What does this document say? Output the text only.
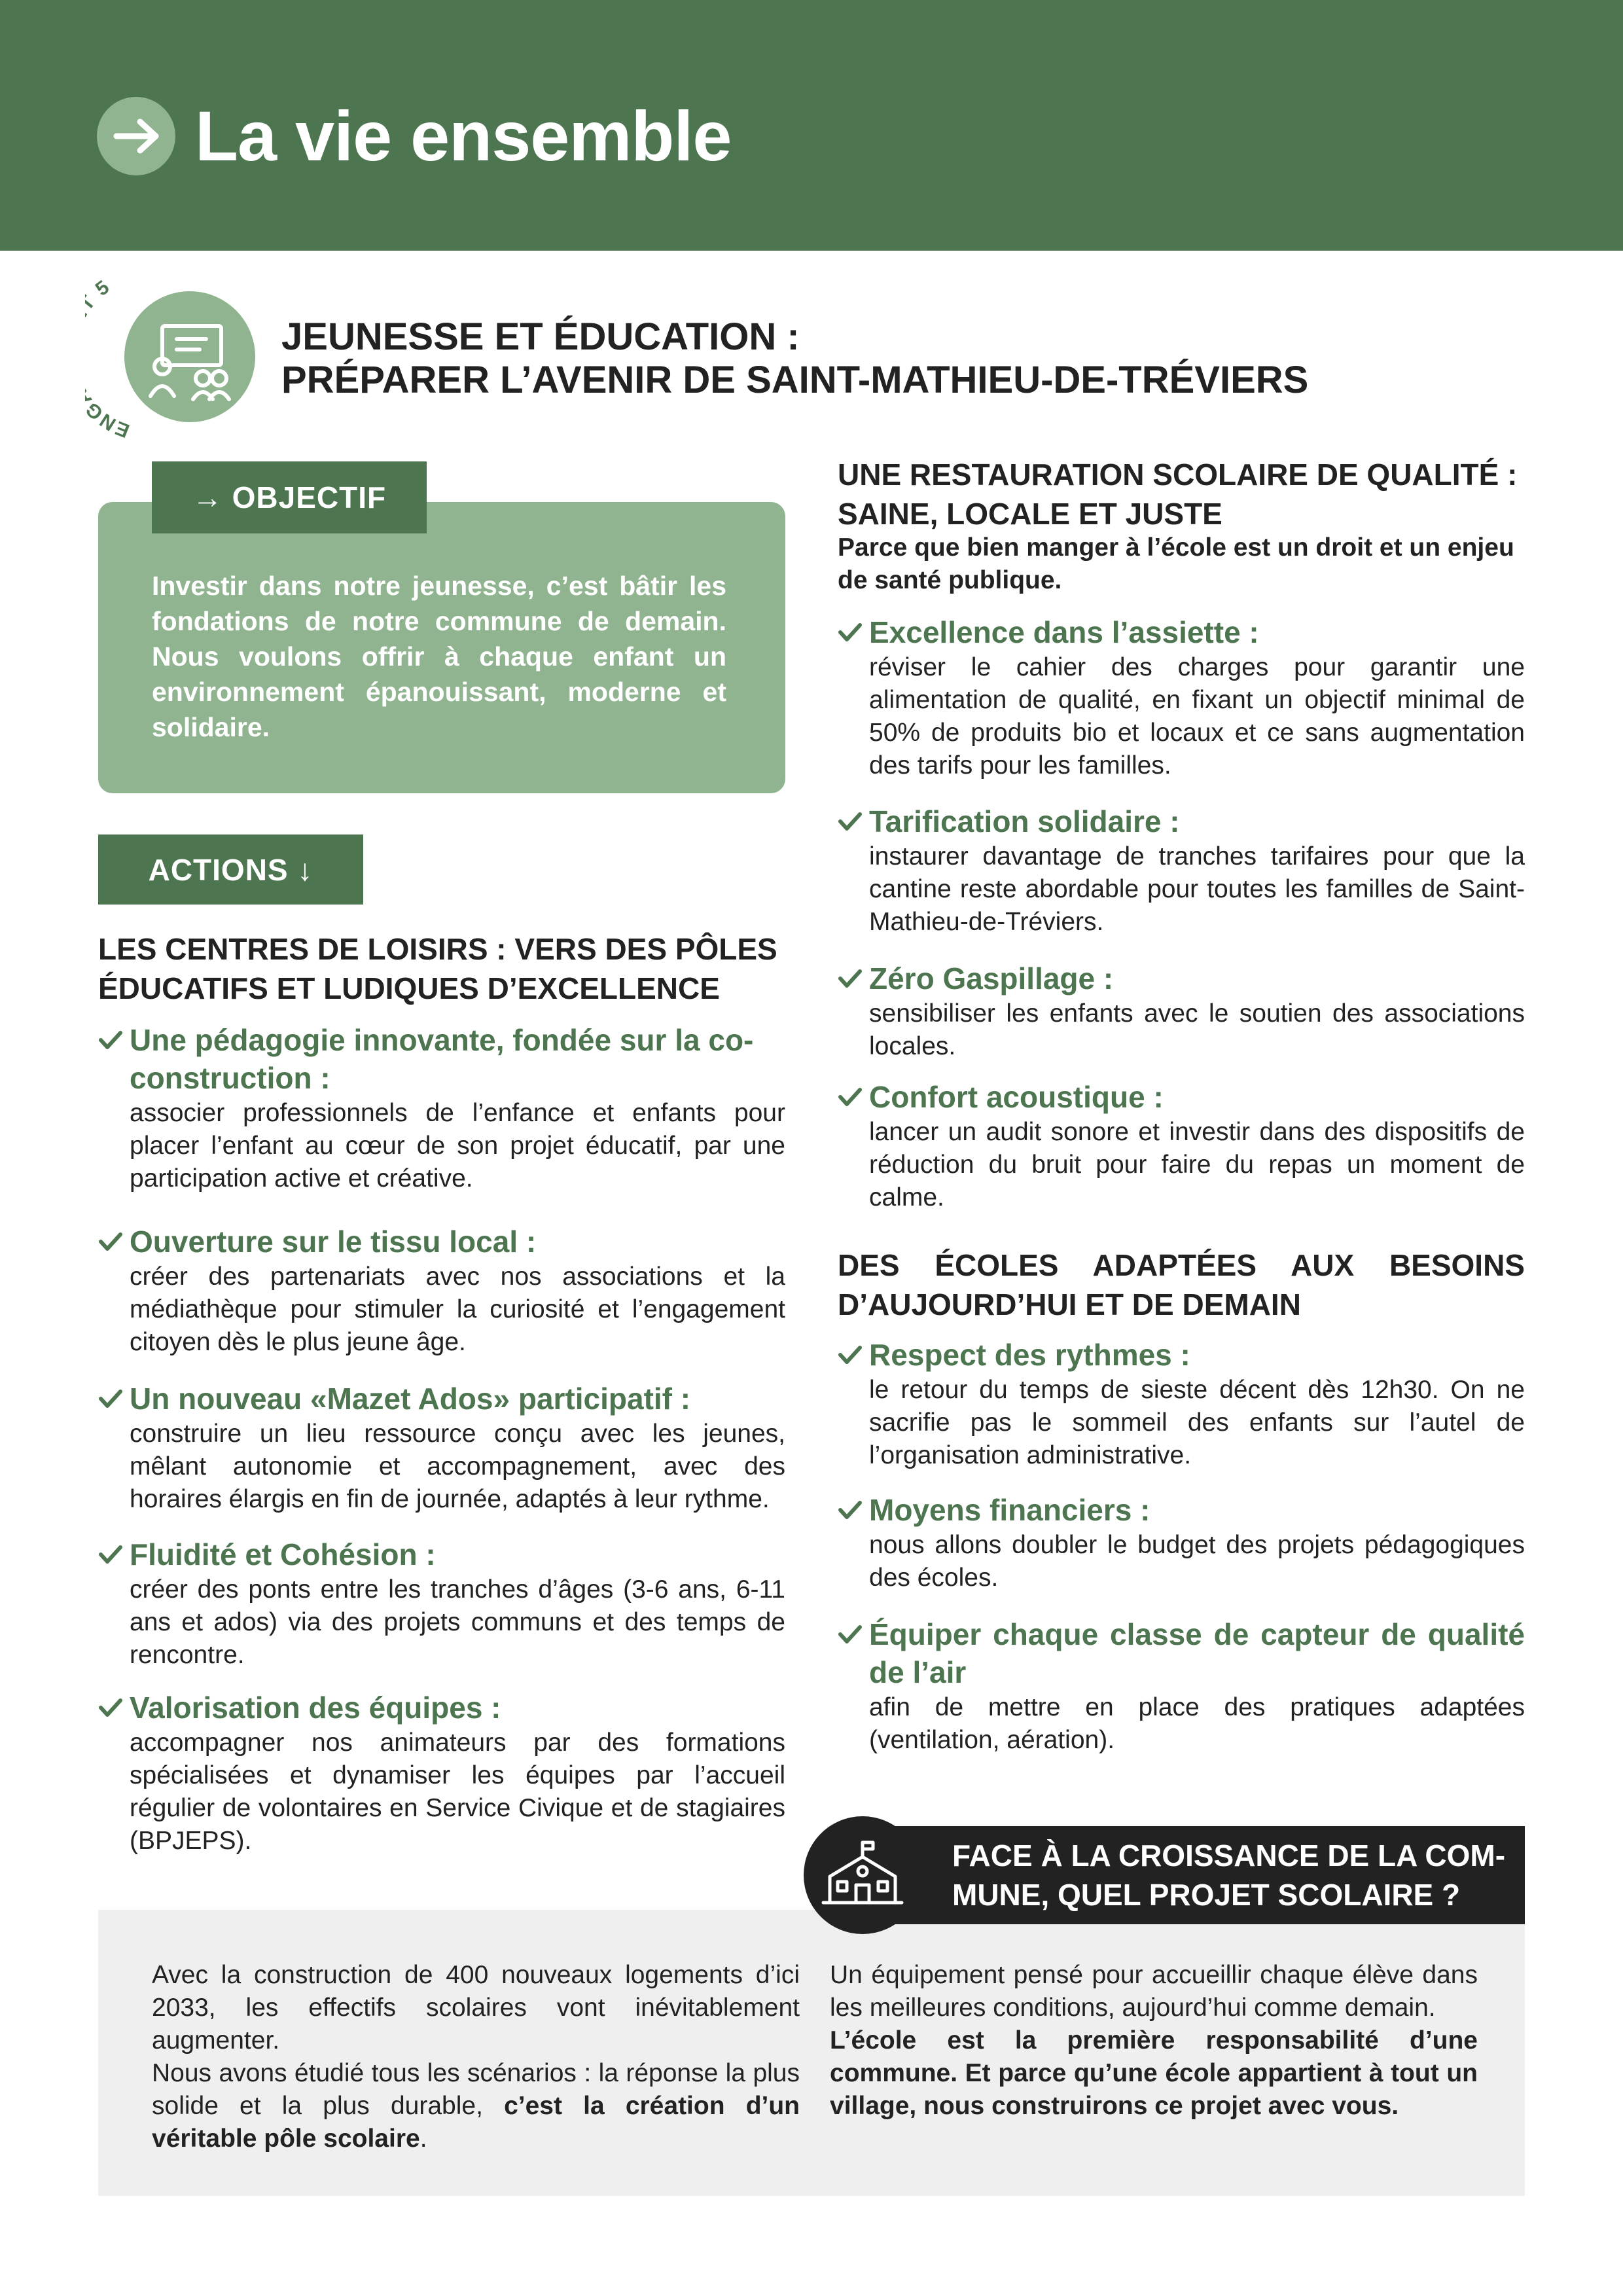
La vie ensemble
EN 5
JEUNESSE ET ÉDUCATION :
PRÉPARER L’AVENIR DE SAINT-MATHIEU-DE-TRÉVIERS
→ OBJECTIF
Investir dans notre jeunesse, c’est bâtir les fondations de notre commune de demain. Nous voulons offrir à chaque enfant un environnement épanouissant, moderne et solidaire.
ACTIONS ↓
LES CENTRES DE LOISIRS : VERS DES PÔLES
ÉDUCATIFS ET LUDIQUES D’EXCELLENCE
Une pédagogie innovante, fondée sur la co-construction :
associer professionnels de l’enfance et enfants pour placer l’enfant au cœur de son projet éducatif, par une participation active et créative.
Ouverture sur le tissu local :
créer des partenariats avec nos associations et la médiathèque pour stimuler la curiosité et l’engagement citoyen dès le plus jeune âge.
Un nouveau «Mazet Ados» participatif :
construire un lieu ressource conçu avec les jeunes, mêlant autonomie et accompagnement, avec des horaires élargis en fin de journée, adaptés à leur rythme.
Fluidité et Cohésion :
créer des ponts entre les tranches d’âges (3-6 ans, 6-11 ans et ados) via des projets communs et des temps de rencontre.
Valorisation des équipes :
accompagner nos animateurs par des formations spécialisées et dynamiser les équipes par l’accueil régulier de volontaires en Service Civique et de stagiaires (BPJEPS).
UNE RESTAURATION SCOLAIRE DE QUALITÉ :
SAINE, LOCALE ET JUSTE
Parce que bien manger à l’école est un droit et un enjeu de santé publique.
Excellence dans l’assiette :
réviser le cahier des charges pour garantir une alimentation de qualité, en fixant un objectif minimal de 50% de produits bio et locaux et ce sans augmentation des tarifs pour les familles.
Tarification solidaire :
instaurer davantage de tranches tarifaires pour que la cantine reste abordable pour toutes les familles de Saint-Mathieu-de-Tréviers.
Zéro Gaspillage :
sensibiliser les enfants avec le soutien des associations locales.
Confort acoustique :
lancer un audit sonore et investir dans des dispositifs de réduction du bruit pour faire du repas un moment de calme.
DES ÉCOLES ADAPTÉES AUX BESOINS
D’AUJOURD’HUI ET DE DEMAIN
Respect des rythmes :
le retour du temps de sieste décent dès 12h30. On ne sacrifie pas le sommeil des enfants sur l’autel de l’organisation administrative.
Moyens financiers :
nous allons doubler le budget des projets pédagogiques des écoles.
Équiper chaque classe de capteur de qualité de l’air
afin de mettre en place des pratiques adaptées (ventilation, aération).
FACE À LA CROISSANCE DE LA COM-
MUNE, QUEL PROJET SCOLAIRE ?
Avec la construction de 400 nouveaux logements d’ici 2033, les effectifs scolaires vont inévitablement augmenter.
Nous avons étudié tous les scénarios : la réponse la plus solide et la plus durable, c’est la création d’un véritable pôle scolaire.
Un équipement pensé pour accueillir chaque élève dans les meilleures conditions, aujourd’hui comme demain.
L’école est la première responsabilité d’une commune. Et parce qu’une école appartient à tout un village, nous construirons ce projet avec vous.
